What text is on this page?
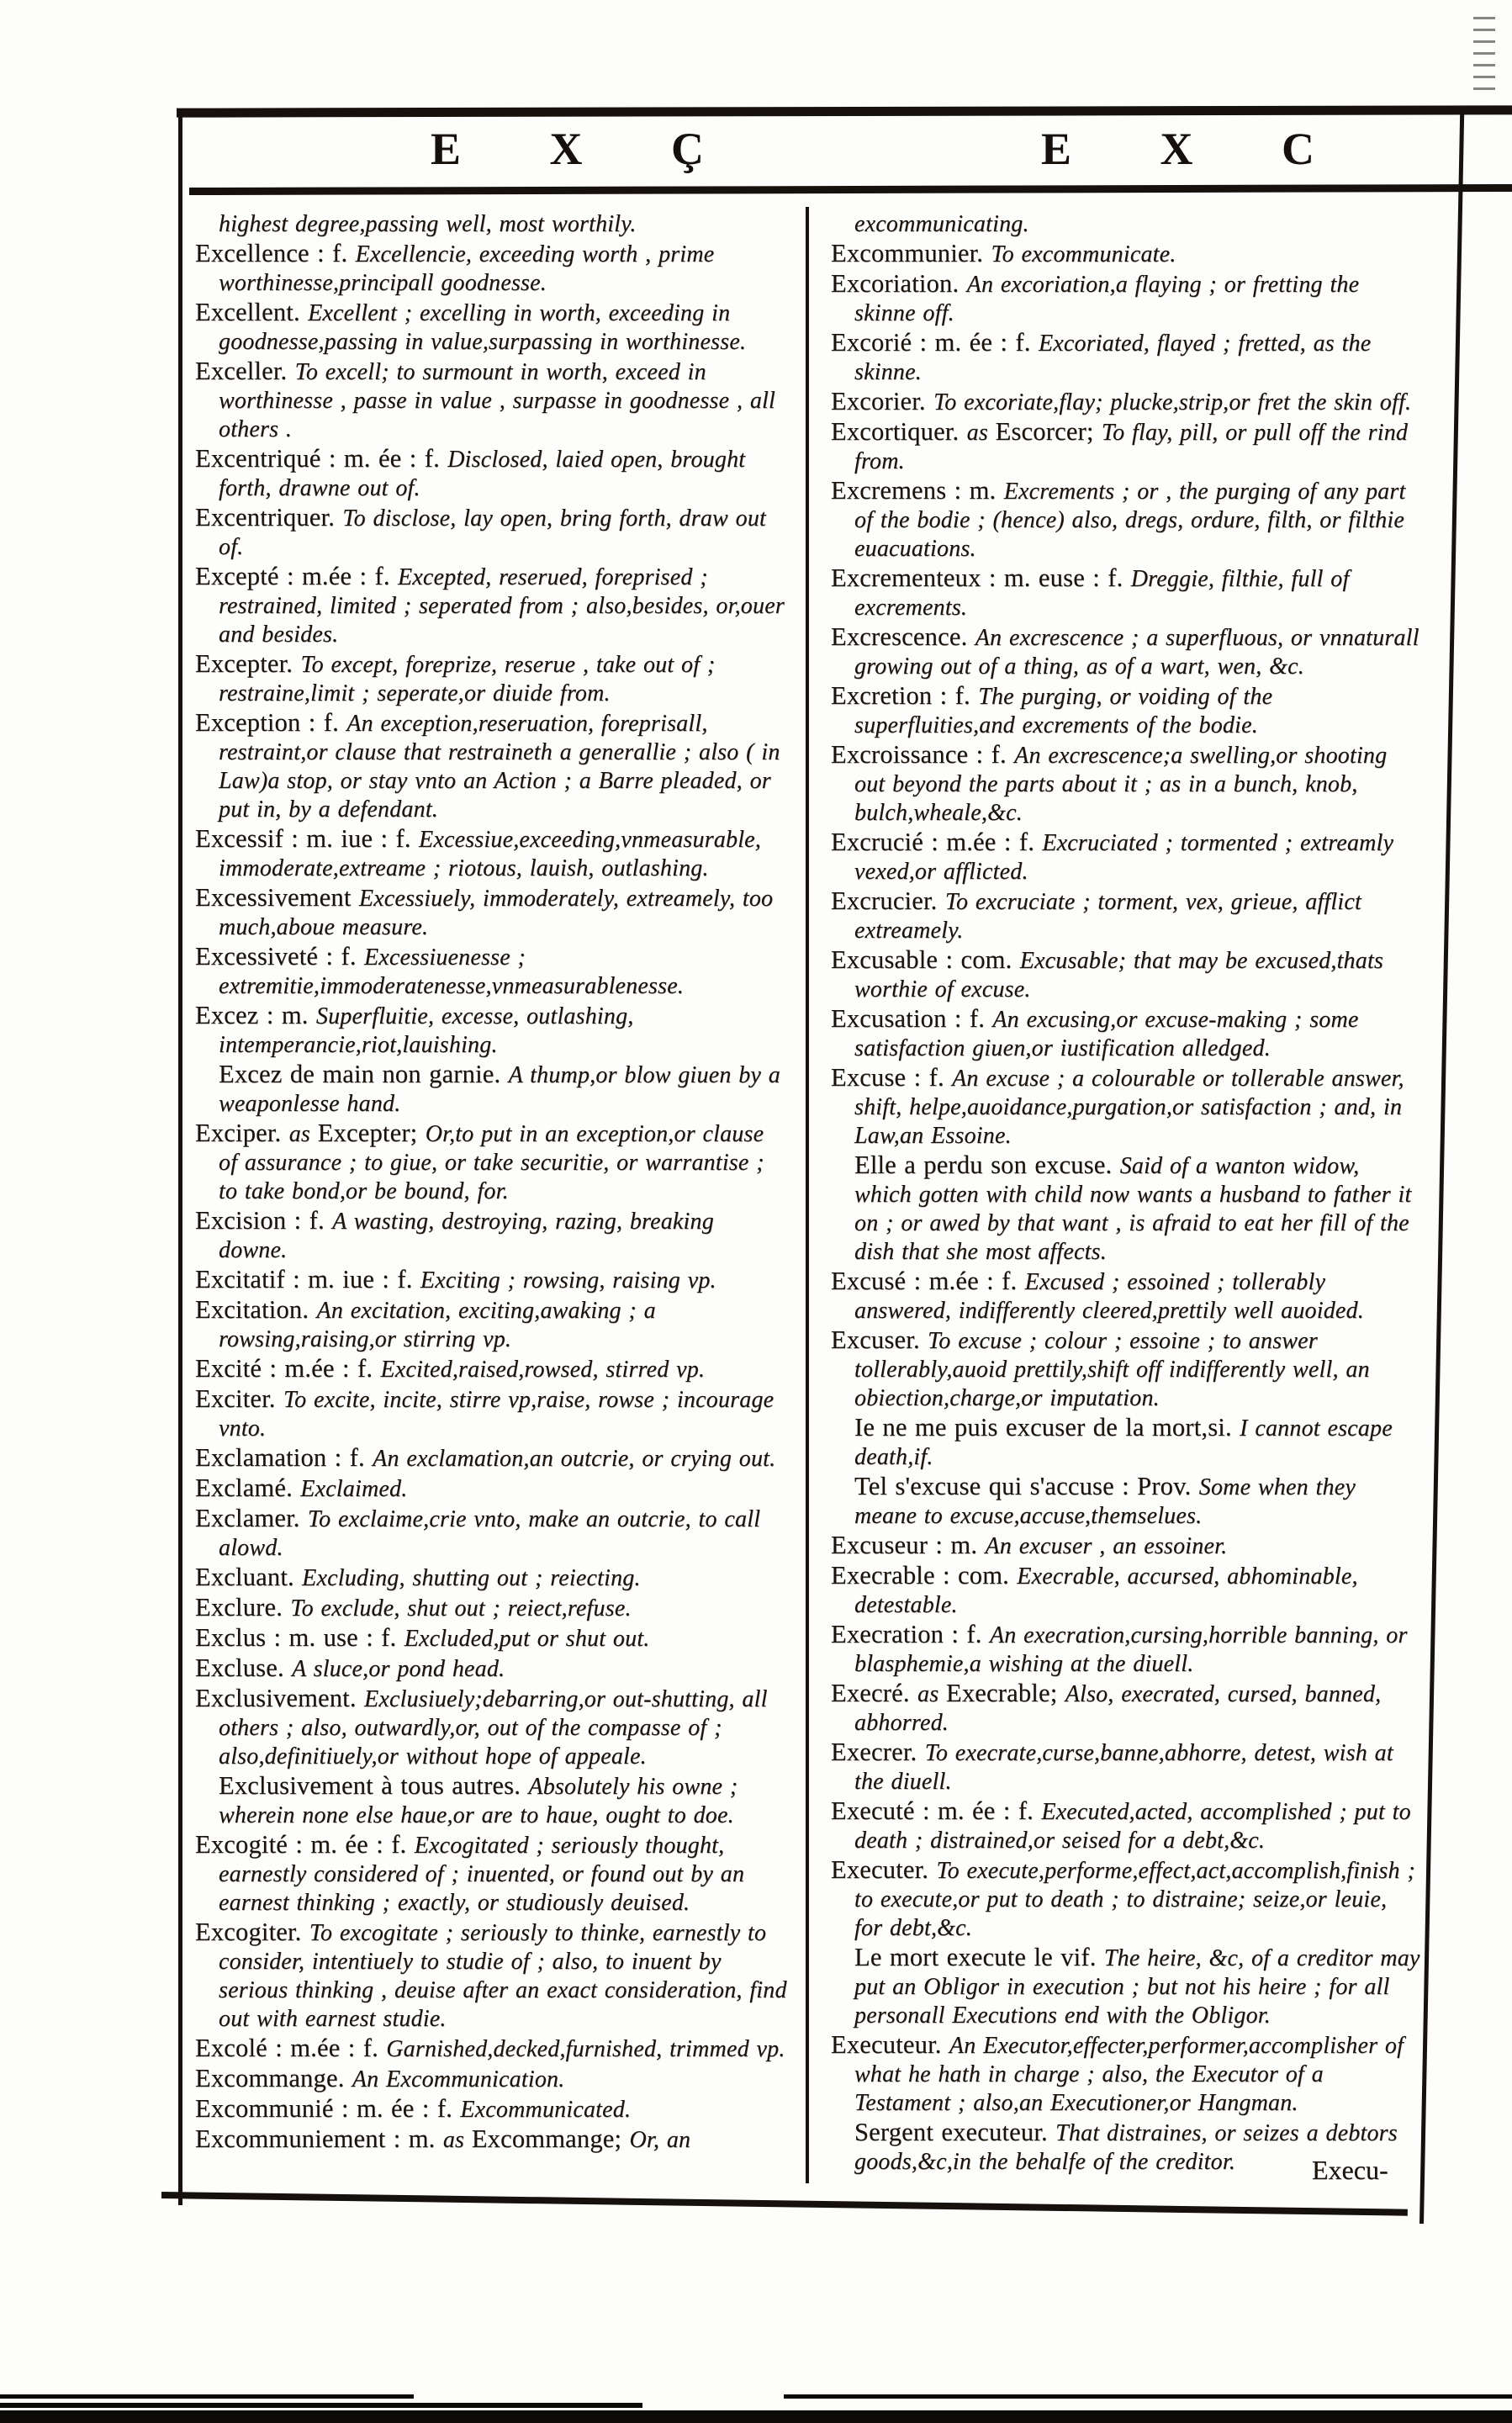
E X Ç	E X C

highest degree,passing well, most worthily.

Excellence : f. Excellencie, exceeding worth , prime worthinesse,principall goodnesse.

Excellent. Excellent ; excelling in worth, exceeding in goodnesse,passing in value,surpassing in worthinesse.

Exceller. To excell; to surmount in worth, exceed in worthinesse , passe in value , surpasse in goodnesse , all others .

Excentriqué : m. ée : f. Disclosed, laied open, brought forth, drawne out of.

Excentriquer. To disclose, lay open, bring forth, draw out of.

Excepté : m.ée : f. Excepted, reserued, foreprised ; restrained, limited ; seperated from ; also,besides, or,ouer and besides.

Excepter. To except, foreprize, reserue , take out of ; restraine,limit ; seperate,or diuide from.

Exception : f. An exception,reseruation, foreprisall, restraint,or clause that restraineth a generallie ; also ( in Law)a stop, or stay vnto an Action ; a Barre pleaded, or put in, by a defendant.

Excessif : m. iue : f. Excessiue,exceeding,vnmeasurable, immoderate,extreame ; riotous, lauish, outlashing.

Excessivement Excessiuely, immoderately, extreamely, too much,aboue measure.

Excessiveté : f. Excessiuenesse ; extremitie,immoderatenesse,vnmeasurablenesse.

Excez : m. Superfluitie, excesse, outlashing, intemperancie,riot,lauishing.

Excez de main non garnie. A thump,or blow giuen by a weaponlesse hand.

Exciper. as Excepter; Or,to put in an exception,or clause of assurance ; to giue, or take securitie, or warrantise ; to take bond,or be bound, for.

Excision : f. A wasting, destroying, razing, breaking downe.

Excitatif : m. iue : f. Exciting ; rowsing, raising vp.

Excitation. An excitation, exciting,awaking ; a rowsing,raising,or stirring vp.

Excité : m.ée : f. Excited,raised,rowsed, stirred vp.

Exciter. To excite, incite, stirre vp,raise, rowse ; incourage vnto.

Exclamation : f. An exclamation,an outcrie, or crying out.

Exclamé. Exclaimed.

Exclamer. To exclaime,crie vnto, make an outcrie, to call alowd.

Excluant. Excluding, shutting out ; reiecting.

Exclure. To exclude, shut out ; reiect,refuse.

Exclus : m. use : f. Excluded,put or shut out.

Excluse. A sluce,or pond head.

Exclusivement. Exclusiuely;debarring,or out-shutting, all others ; also, outwardly,or, out of the compasse of ; also,definitiuely,or without hope of appeale.

Exclusivement à tous autres. Absolutely his owne ; wherein none else haue,or are to haue, ought to doe.

Excogité : m. ée : f. Excogitated ; seriously thought, earnestly considered of ; inuented, or found out by an earnest thinking ; exactly, or studiously deuised.

Excogiter. To excogitate ; seriously to thinke, earnestly to consider, intentiuely to studie of ; also, to inuent by serious thinking , deuise after an exact consideration, find out with earnest studie.

Excolé : m.ée : f. Garnished,decked,furnished, trimmed vp.

Excommange. An Excommunication.

Excommunié : m. ée : f. Excommunicated.

Excommuniement : m. as Excommange; Or, an

excommunicating.

Excommunier. To excommunicate.

Excoriation. An excoriation,a flaying ; or fretting the skinne off.

Excorié : m. ée : f. Excoriated, flayed ; fretted, as the skinne.

Excorier. To excoriate,flay; plucke,strip,or fret the skin off.

Excortiquer. as Escorcer; To flay, pill, or pull off the rind from.

Excremens : m. Excrements ; or , the purging of any part of the bodie ; (hence) also, dregs, ordure, filth, or filthie euacuations.

Excrementeux : m. euse : f. Dreggie, filthie, full of excrements.

Excrescence. An excrescence ; a superfluous, or vnnaturall growing out of a thing, as of a wart, wen, &c.

Excretion : f. The purging, or voiding of the superfluities,and excrements of the bodie.

Excroissance : f. An excrescence;a swelling,or shooting out beyond the parts about it ; as in a bunch, knob, bulch,wheale,&c.

Excrucié : m.ée : f. Excruciated ; tormented ; extreamly vexed,or afflicted.

Excrucier. To excruciate ; torment, vex, grieue, afflict extreamely.

Excusable : com. Excusable; that may be excused,thats worthie of excuse.

Excusation : f. An excusing,or excuse-making ; some satisfaction giuen,or iustification alledged.

Excuse : f. An excuse ; a colourable or tollerable answer, shift, helpe,auoidance,purgation,or satisfaction ; and, in Law,an Essoine.

Elle a perdu son excuse. Said of a wanton widow, which gotten with child now wants a husband to father it on ; or awed by that want , is afraid to eat her fill of the dish that she most affects.

Excusé : m.ée : f. Excused ; essoined ; tollerably answered, indifferently cleered,prettily well auoided.

Excuser. To excuse ; colour ; essoine ; to answer tollerably,auoid prettily,shift off indifferently well, an obiection,charge,or imputation.

Ie ne me puis excuser de la mort,si. I cannot escape death,if.

Tel s'excuse qui s'accuse : Prov. Some when they meane to excuse,accuse,themselues.

Excuseur : m. An excuser , an essoiner.

Execrable : com. Execrable, accursed, abhominable, detestable.

Execration : f. An execration,cursing,horrible banning, or blasphemie,a wishing at the diuell.

Execré. as Execrable; Also, execrated, cursed, banned, abhorred.

Execrer. To execrate,curse,banne,abhorre, detest, wish at the diuell.

Executé : m. ée : f. Executed,acted, accomplished ; put to death ; distrained,or seised for a debt,&c.

Executer. To execute,performe,effect,act,accomplish,finish ; to execute,or put to death ; to distraine; seize,or leuie, for debt,&c.

Le mort execute le vif. The heire, &c, of a creditor may put an Obligor in execution ; but not his heire ; for all personall Executions end with the Obligor.

Executeur. An Executor,effecter,performer,accomplisher of what he hath in charge ; also, the Executor of a Testament ; also,an Executioner,or Hangman.

Sergent executeur. That distraines, or seizes a debtors goods,&c,in the behalfe of the creditor.	Execu-
